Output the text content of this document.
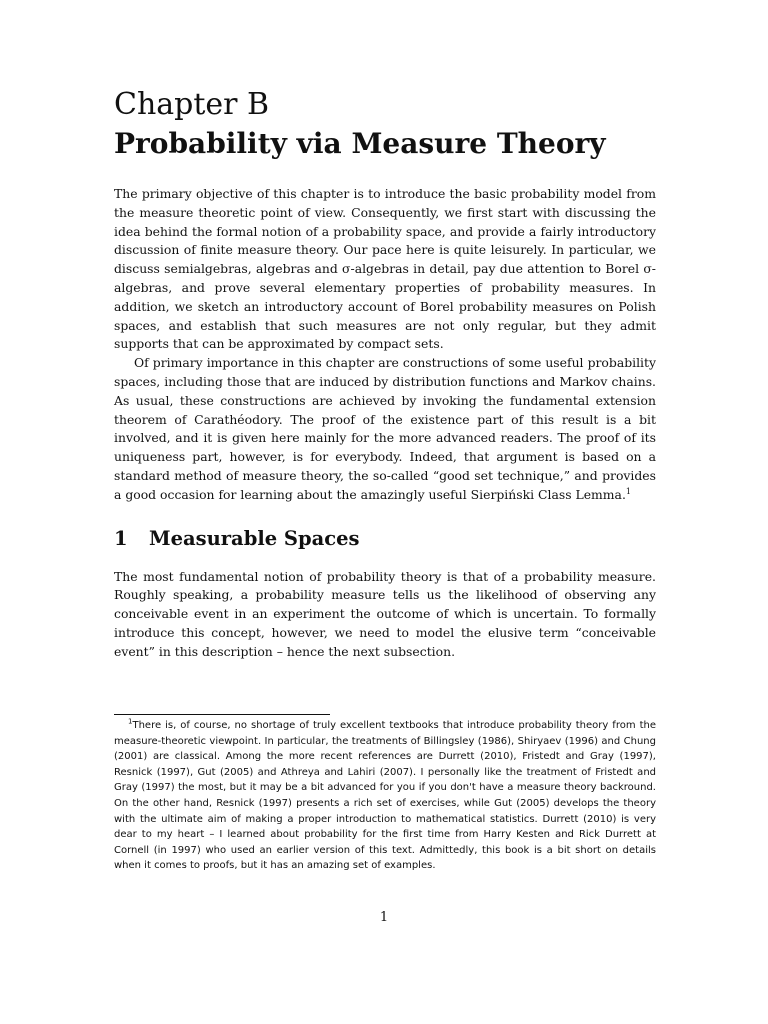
Chapter B
Probability via Measure Theory

The primary objective of this chapter is to introduce the basic probability model from the measure theoretic point of view. Consequently, we first start with discussing the idea behind the formal notion of a probability space, and provide a fairly introductory discussion of finite measure theory. Our pace here is quite leisurely. In particular, we discuss semialgebras, algebras and σ-algebras in detail, pay due attention to Borel σ-algebras, and prove several elementary properties of probability measures. In addition, we sketch an introductory account of Borel probability measures on Polish spaces, and establish that such measures are not only regular, but they admit supports that can be approximated by compact sets.

Of primary importance in this chapter are constructions of some useful probability spaces, including those that are induced by distribution functions and Markov chains. As usual, these constructions are achieved by invoking the fundamental extension theorem of Carathéodory. The proof of the existence part of this result is a bit involved, and it is given here mainly for the more advanced readers. The proof of its uniqueness part, however, is for everybody. Indeed, that argument is based on a standard method of measure theory, the so-called “good set technique,” and provides a good occasion for learning about the amazingly useful Sierpiński Class Lemma.$^1$

1	Measurable Spaces

The most fundamental notion of probability theory is that of a probability measure. Roughly speaking, a probability measure tells us the likelihood of observing any conceivable event in an experiment the outcome of which is uncertain. To formally introduce this concept, however, we need to model the elusive term “conceivable event” in this description – hence the next subsection.

$^1$There is, of course, no shortage of truly excellent textbooks that introduce probability theory from the measure-theoretic viewpoint. In particular, the treatments of Billingsley (1986), Shiryaev (1996) and Chung (2001) are classical. Among the more recent references are Durrett (2010), Fristedt and Gray (1997), Resnick (1997), Gut (2005) and Athreya and Lahiri (2007). I personally like the treatment of Fristedt and Gray (1997) the most, but it may be a bit advanced for you if you don't have a measure theory backround. On the other hand, Resnick (1997) presents a rich set of exercises, while Gut (2005) develops the theory with the ultimate aim of making a proper introduction to mathematical statistics. Durrett (2010) is very dear to my heart – I learned about probability for the first time from Harry Kesten and Rick Durrett at Cornell (in 1997) who used an earlier version of this text. Admittedly, this book is a bit short on details when it comes to proofs, but it has an amazing set of examples.

1
